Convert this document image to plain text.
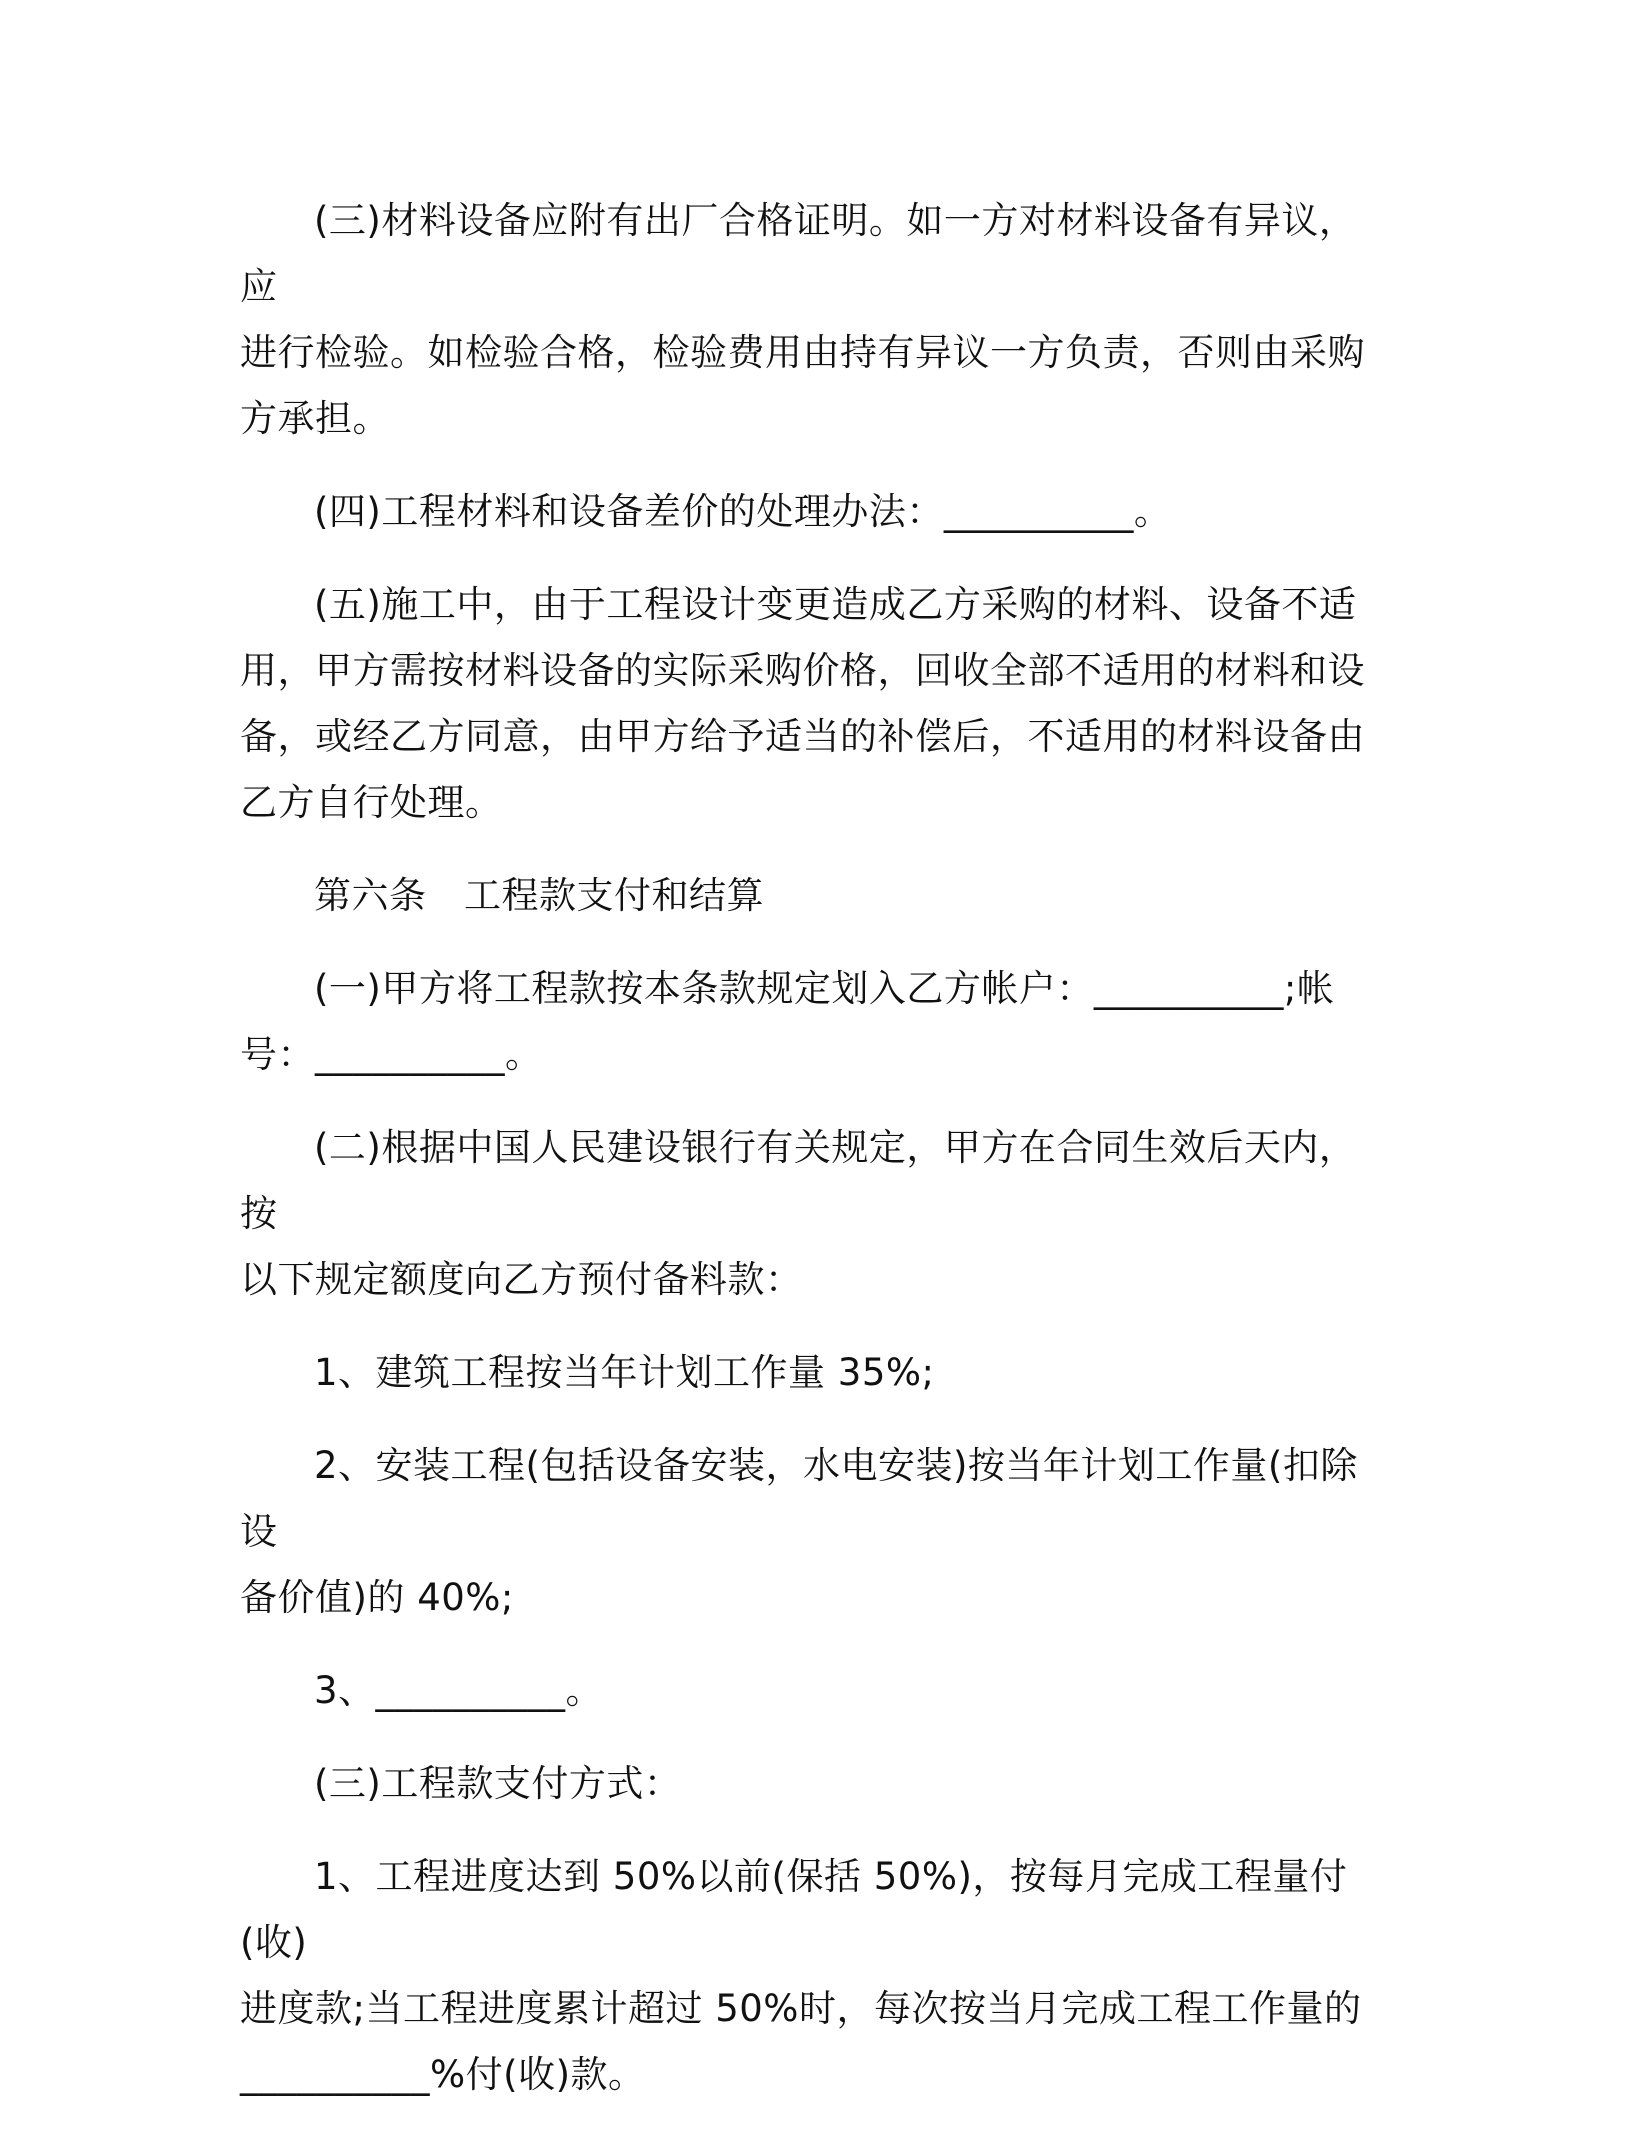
(三)材料设备应附有出厂合格证明。如一方对材料设备有异议，应
进行检验。如检验合格，检验费用由持有异议一方负责，否则由采购
方承担。

(四)工程材料和设备差价的处理办法：__________。

(五)施工中，由于工程设计变更造成乙方采购的材料、设备不适
用，甲方需按材料设备的实际采购价格，回收全部不适用的材料和设
备，或经乙方同意，由甲方给予适当的补偿后，不适用的材料设备由
乙方自行处理。

第六条　工程款支付和结算

(一)甲方将工程款按本条款规定划入乙方帐户：__________;帐
号：__________。

(二)根据中国人民建设银行有关规定，甲方在合同生效后天内，按
以下规定额度向乙方预付备料款：

1、建筑工程按当年计划工作量 35%;

2、安装工程(包括设备安装，水电安装)按当年计划工作量(扣除设
备价值)的 40%;

3、__________。

(三)工程款支付方式：

1、工程进度达到 50%以前(保括 50%)，按每月完成工程量付(收)
进度款;当工程进度累计超过 50%时，每次按当月完成工程工作量的
__________%付(收)款。
